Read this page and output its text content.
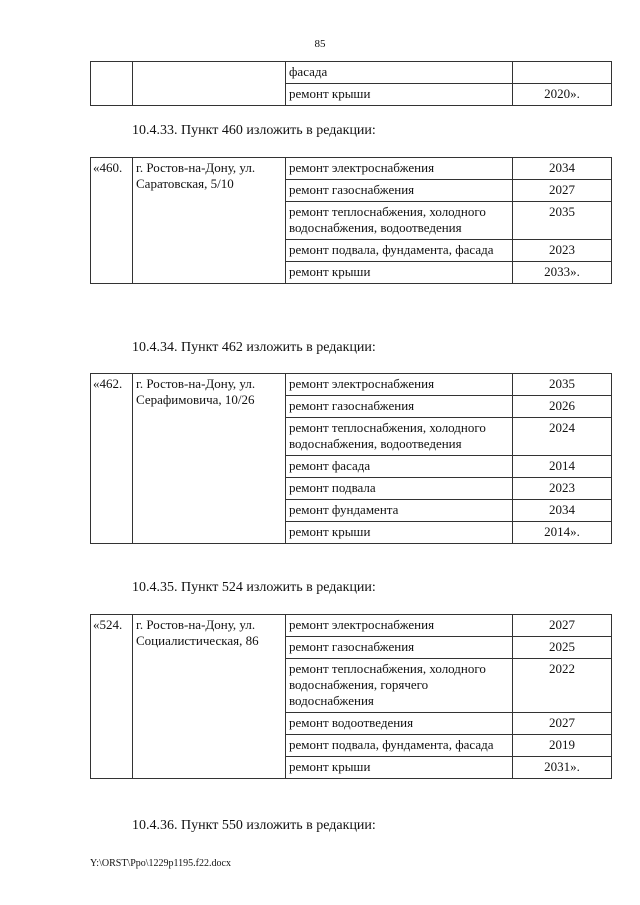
85
		фасада	
		ремонт крыши	2020».
10.4.33. Пункт 460 изложить в редакции:
«460.	г. Ростов-на-Дону, ул. Саратовская, 5/10	ремонт электроснабжения	2034
		ремонт газоснабжения	2027
		ремонт теплоснабжения, холодного водоснабжения, водоотведения	2035
		ремонт подвала, фундамента, фасада	2023
		ремонт крыши	2033».
10.4.34. Пункт 462 изложить в редакции:
«462.	г. Ростов-на-Дону, ул. Серафимовича, 10/26	ремонт электроснабжения	2035
		ремонт газоснабжения	2026
		ремонт теплоснабжения, холодного водоснабжения, водоотведения	2024
		ремонт фасада	2014
		ремонт подвала	2023
		ремонт фундамента	2034
		ремонт крыши	2014».
10.4.35. Пункт 524 изложить в редакции:
«524.	г. Ростов-на-Дону, ул. Социалистическая, 86	ремонт электроснабжения	2027
		ремонт газоснабжения	2025
		ремонт теплоснабжения, холодного водоснабжения, горячего водоснабжения	2022
		ремонт водоотведения	2027
		ремонт подвала, фундамента, фасада	2019
		ремонт крыши	2031».
10.4.36. Пункт 550 изложить в редакции:
Y:\ORST\Ppo\1229p1195.f22.docx
